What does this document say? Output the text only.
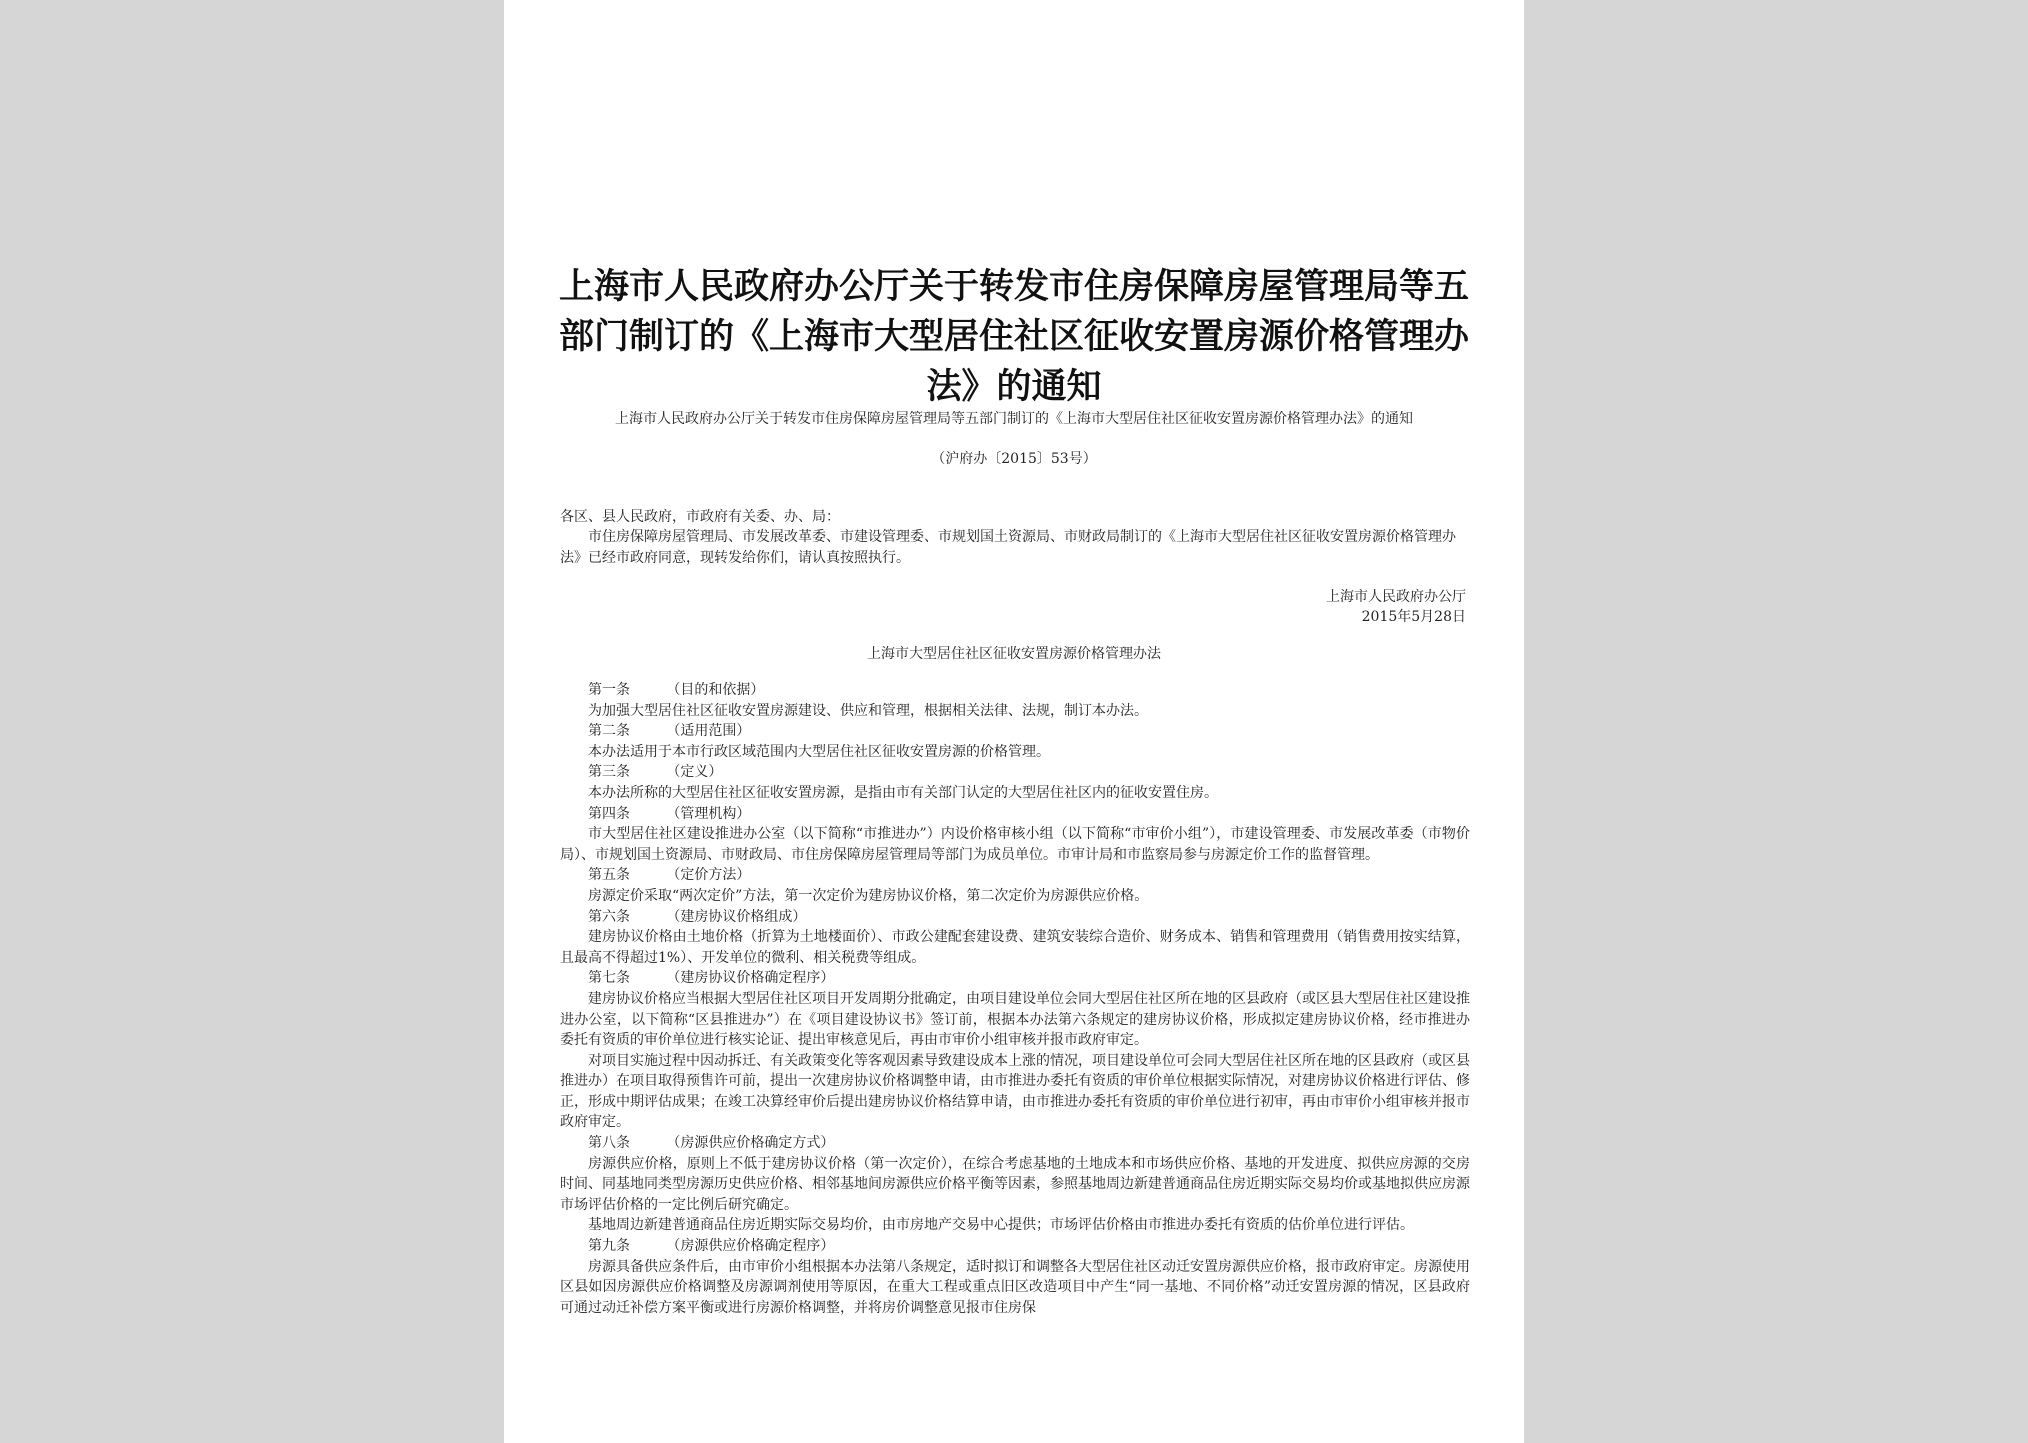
上海市人民政府办公厅关于转发市住房保障房屋管理局等五部门制订的《上海市大型居住社区征收安置房源价格管理办法》的通知
上海市人民政府办公厅关于转发市住房保障房屋管理局等五部门制订的《上海市大型居住社区征收安置房源价格管理办法》的通知
（沪府办〔2015〕53号）
各区、县人民政府，市政府有关委、办、局：

市住房保障房屋管理局、市发展改革委、市建设管理委、市规划国土资源局、市财政局制订的《上海市大型居住社区征收安置房源价格管理办法》已经市政府同意，现转发给你们，请认真按照执行。

上海市人民政府办公厅
2015年5月28日
上海市大型居住社区征收安置房源价格管理办法

第一条	（目的和依据）

为加强大型居住社区征收安置房源建设、供应和管理，根据相关法律、法规，制订本办法。

第二条	（适用范围）

本办法适用于本市行政区域范围内大型居住社区征收安置房源的价格管理。

第三条	（定义）

本办法所称的大型居住社区征收安置房源，是指由市有关部门认定的大型居住社区内的征收安置住房。

第四条	（管理机构）

市大型居住社区建设推进办公室（以下简称“市推进办”）内设价格审核小组（以下简称“市审价小组”），市建设管理委、市发展改革委（市物价局）、市规划国土资源局、市财政局、市住房保障房屋管理局等部门为成员单位。市审计局和市监察局参与房源定价工作的监督管理。

第五条	（定价方法）

房源定价采取“两次定价”方法，第一次定价为建房协议价格，第二次定价为房源供应价格。

第六条	（建房协议价格组成）

建房协议价格由土地价格（折算为土地楼面价）、市政公建配套建设费、建筑安装综合造价、财务成本、销售和管理费用（销售费用按实结算，且最高不得超过1%）、开发单位的微利、相关税费等组成。

第七条	（建房协议价格确定程序）

建房协议价格应当根据大型居住社区项目开发周期分批确定，由项目建设单位会同大型居住社区所在地的区县政府（或区县大型居住社区建设推进办公室，以下简称“区县推进办”）在《项目建设协议书》签订前，根据本办法第六条规定的建房协议价格，形成拟定建房协议价格，经市推进办委托有资质的审价单位进行核实论证、提出审核意见后，再由市审价小组审核并报市政府审定。

对项目实施过程中因动拆迁、有关政策变化等客观因素导致建设成本上涨的情况，项目建设单位可会同大型居住社区所在地的区县政府（或区县推进办）在项目取得预售许可前，提出一次建房协议价格调整申请，由市推进办委托有资质的审价单位根据实际情况，对建房协议价格进行评估、修正，形成中期评估成果；在竣工决算经审价后提出建房协议价格结算申请，由市推进办委托有资质的审价单位进行初审，再由市审价小组审核并报市政府审定。

第八条	（房源供应价格确定方式）

房源供应价格，原则上不低于建房协议价格（第一次定价），在综合考虑基地的土地成本和市场供应价格、基地的开发进度、拟供应房源的交房时间、同基地同类型房源历史供应价格、相邻基地间房源供应价格平衡等因素，参照基地周边新建普通商品住房近期实际交易均价或基地拟供应房源市场评估价格的一定比例后研究确定。

基地周边新建普通商品住房近期实际交易均价，由市房地产交易中心提供；市场评估价格由市推进办委托有资质的估价单位进行评估。

第九条	（房源供应价格确定程序）

房源具备供应条件后，由市审价小组根据本办法第八条规定，适时拟订和调整各大型居住社区动迁安置房源供应价格，报市政府审定。房源使用区县如因房源供应价格调整及房源调剂使用等原因，在重大工程或重点旧区改造项目中产生“同一基地、不同价格”动迁安置房源的情况，区县政府可通过动迁补偿方案平衡或进行房源价格调整，并将房价调整意见报市住房保
